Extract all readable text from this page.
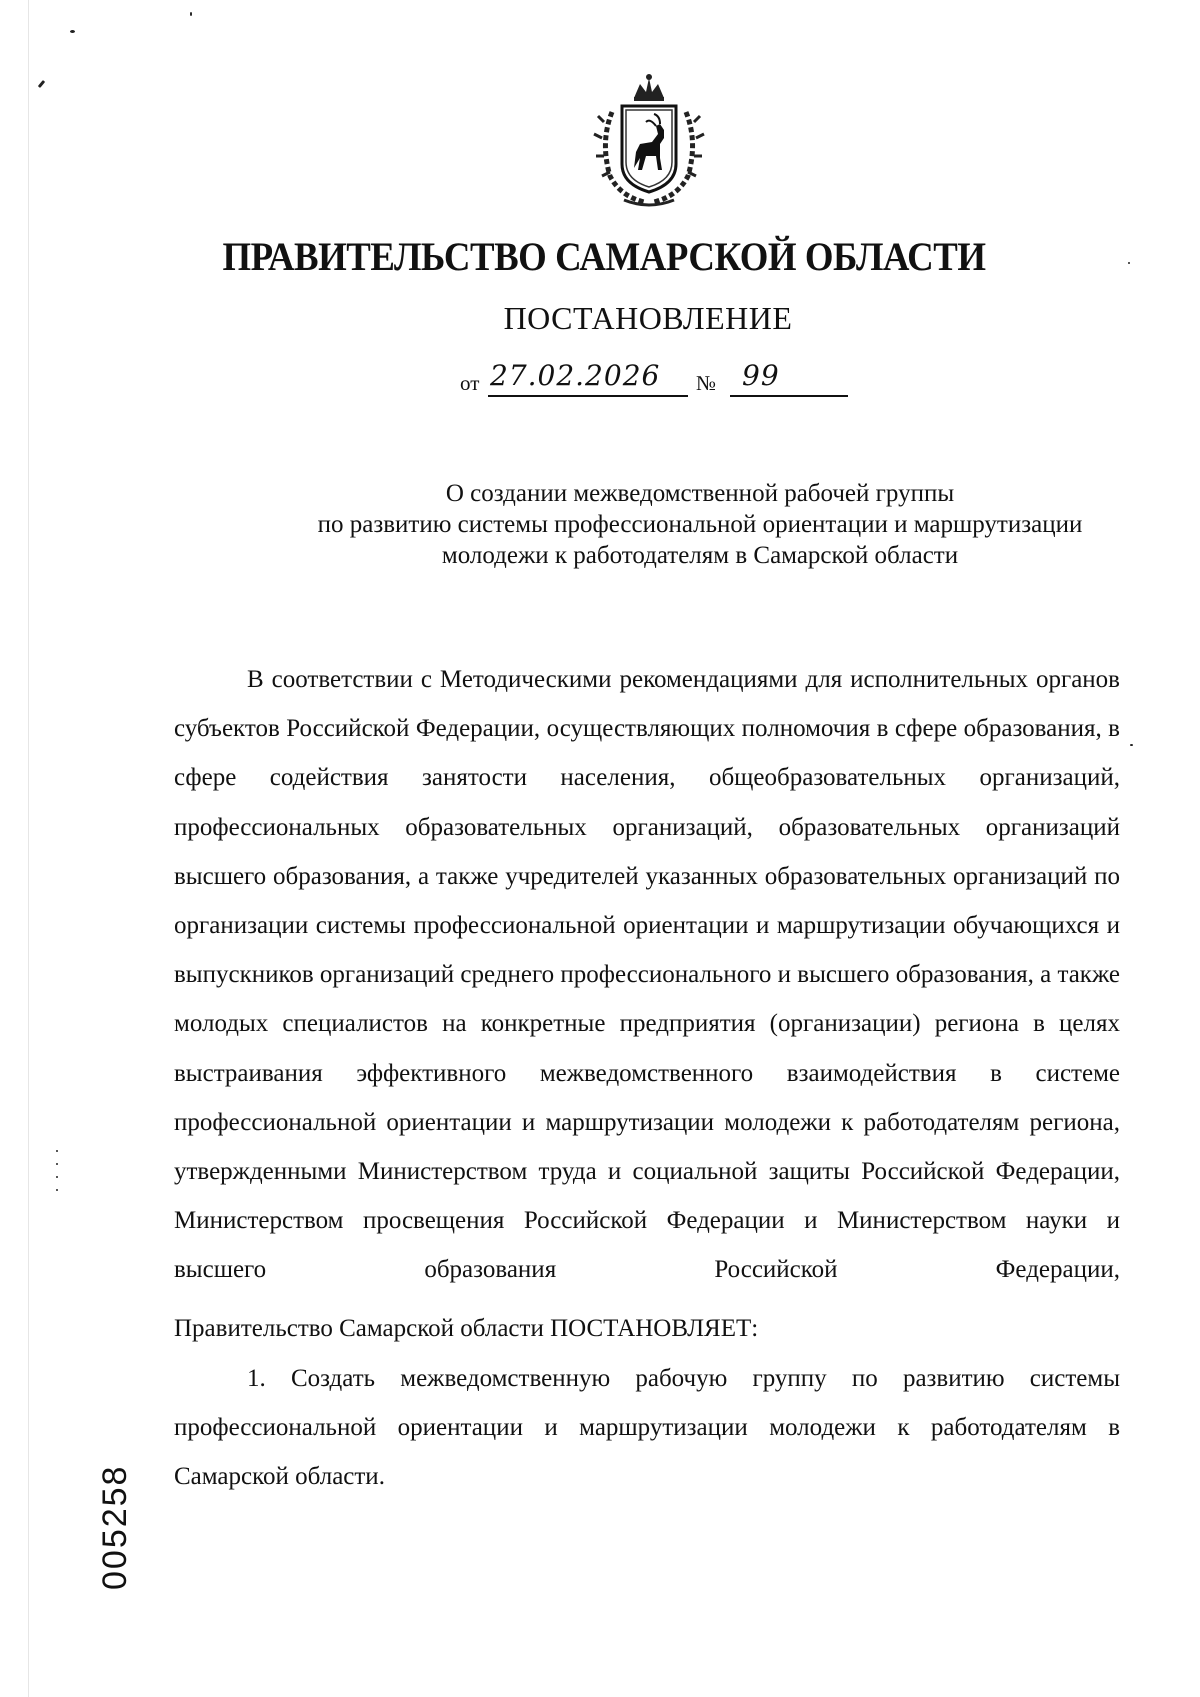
ПРАВИТЕЛЬСТВО САМАРСКОЙ ОБЛАСТИ
ПОСТАНОВЛЕНИЕ
от 27.02.2026 № 99
О создании межведомственной рабочей группы
по развитию системы профессиональной ориентации и маршрутизации
молодежи к работодателям в Самарской области

В соответствии с Методическими рекомендациями для исполнительных органов субъектов Российской Федерации, осуществляющих полномочия в сфере образования, в сфере содействия занятости населения, общеобразовательных организаций, профессиональных образовательных организаций, образовательных организаций высшего образования, а также учредителей указанных образовательных организаций по организации системы профессиональной ориентации и маршрутизации обучающихся и выпускников организаций среднего профессионального и высшего образования, а также молодых специалистов на конкретные предприятия (организации) региона в целях выстраивания эффективного межведомственного взаимодействия в системе профессиональной ориентации и маршрутизации молодежи к работодателям региона, утвержденными Министерством труда и социальной защиты Российской Федерации, Министерством просвещения Российской Федерации и Министерством науки и высшего образования Российской Федерации,

Правительство Самарской области ПОСТАНОВЛЯЕТ:

1. Создать межведомственную рабочую группу по развитию системы профессиональной ориентации и маршрутизации молодежи к работодателям в Самарской области.

005258
